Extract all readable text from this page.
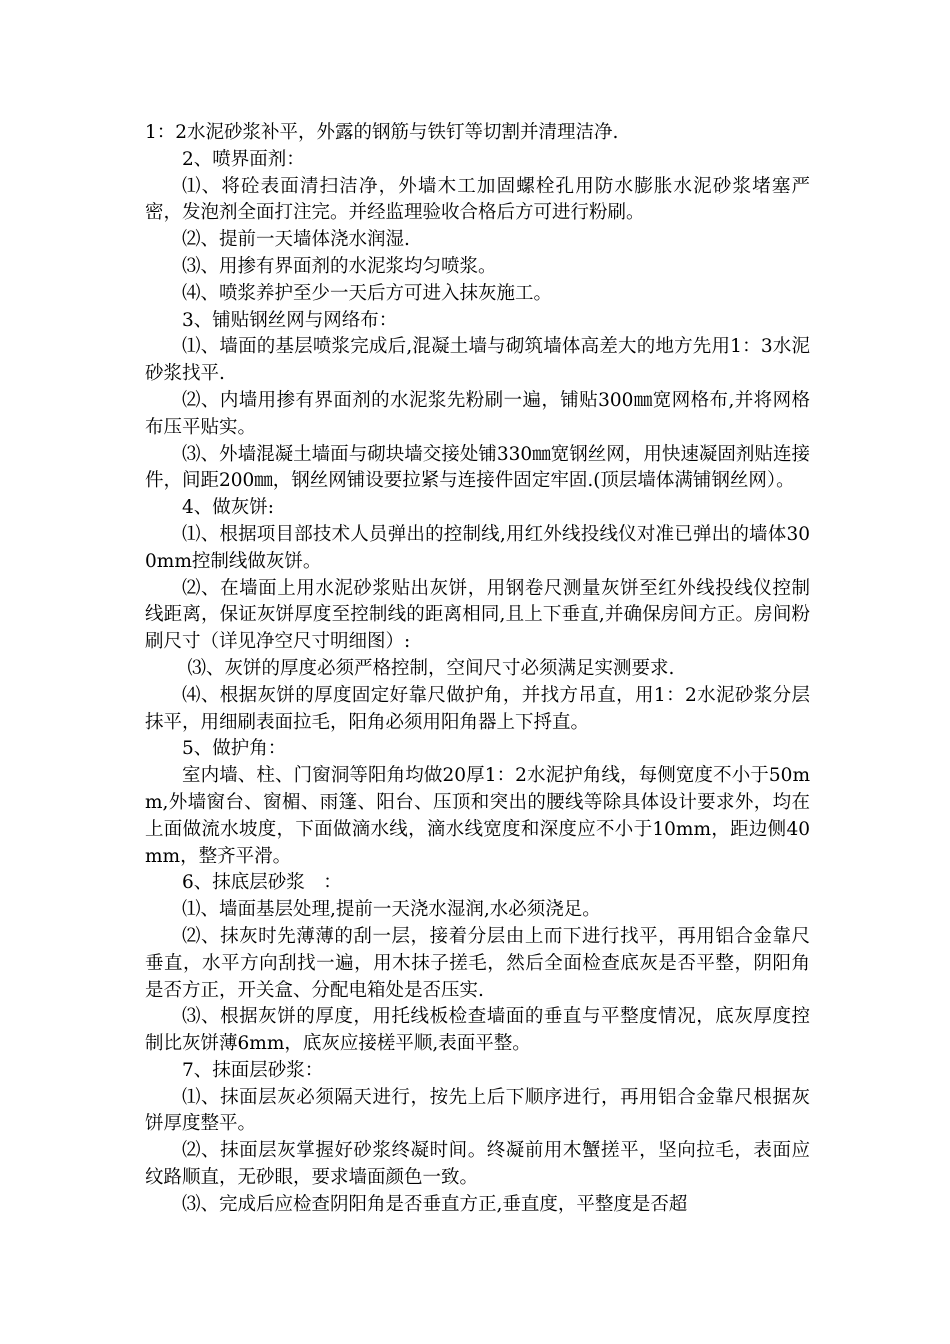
1：2水泥砂浆补平，外露的钢筋与铁钉等切割并清理洁净.

2、喷界面剂：

⑴、将砼表面清扫洁净，外墙木工加固螺栓孔用防水膨胀水泥砂浆堵塞严密，发泡剂全面打注完。并经监理验收合格后方可进行粉刷。

⑵、提前一天墙体浇水润湿.

⑶、用掺有界面剂的水泥浆均匀喷浆。

⑷、喷浆养护至少一天后方可进入抹灰施工。

3、铺贴钢丝网与网络布：

⑴、墙面的基层喷浆完成后,混凝土墙与砌筑墙体高差大的地方先用1：3水泥砂浆找平.

⑵、内墙用掺有界面剂的水泥浆先粉刷一遍，铺贴300㎜宽网格布,并将网格布压平贴实。

⑶、外墙混凝土墙面与砌块墙交接处铺330㎜宽钢丝网，用快速凝固剂贴连接件，间距200㎜，钢丝网铺设要拉紧与连接件固定牢固.(顶层墙体满铺钢丝网）。

4、做灰饼:

⑴、根据项目部技术人员弹出的控制线,用红外线投线仪对准已弹出的墙体300mm控制线做灰饼。

⑵、在墙面上用水泥砂浆贴出灰饼，用钢卷尺测量灰饼至红外线投线仪控制线距离，保证灰饼厚度至控制线的距离相同,且上下垂直,并确保房间方正。房间粉刷尺寸（详见净空尺寸明细图）:

⑶、灰饼的厚度必须严格控制，空间尺寸必须满足实测要求.

⑷、根据灰饼的厚度固定好靠尺做护角，并找方吊直，用1：2水泥砂浆分层抹平，用细刷表面拉毛，阳角必须用阳角器上下捋直。

5、做护角：

室内墙、柱、门窗洞等阳角均做20厚1：2水泥护角线，每侧宽度不小于50mm,外墙窗台、窗楣、雨篷、阳台、压顶和突出的腰线等除具体设计要求外，均在上面做流水坡度，下面做滴水线，滴水线宽度和深度应不小于10mm，距边侧40mm，整齐平滑。

6、抹底层砂浆　：

⑴、墙面基层处理,提前一天浇水湿润,水必须浇足。

⑵、抹灰时先薄薄的刮一层，接着分层由上而下进行找平，再用铝合金靠尺垂直，水平方向刮找一遍，用木抹子搓毛，然后全面检查底灰是否平整，阴阳角是否方正，开关盒、分配电箱处是否压实.

⑶、根据灰饼的厚度，用托线板检查墙面的垂直与平整度情况，底灰厚度控制比灰饼薄6mm，底灰应接槎平顺,表面平整。

7、抹面层砂浆：

⑴、抹面层灰必须隔天进行，按先上后下顺序进行，再用铝合金靠尺根据灰饼厚度整平。

⑵、抹面层灰掌握好砂浆终凝时间。终凝前用木蟹搓平，坚向拉毛，表面应纹路顺直，无砂眼，要求墙面颜色一致。

⑶、完成后应检查阴阳角是否垂直方正,垂直度，平整度是否超
